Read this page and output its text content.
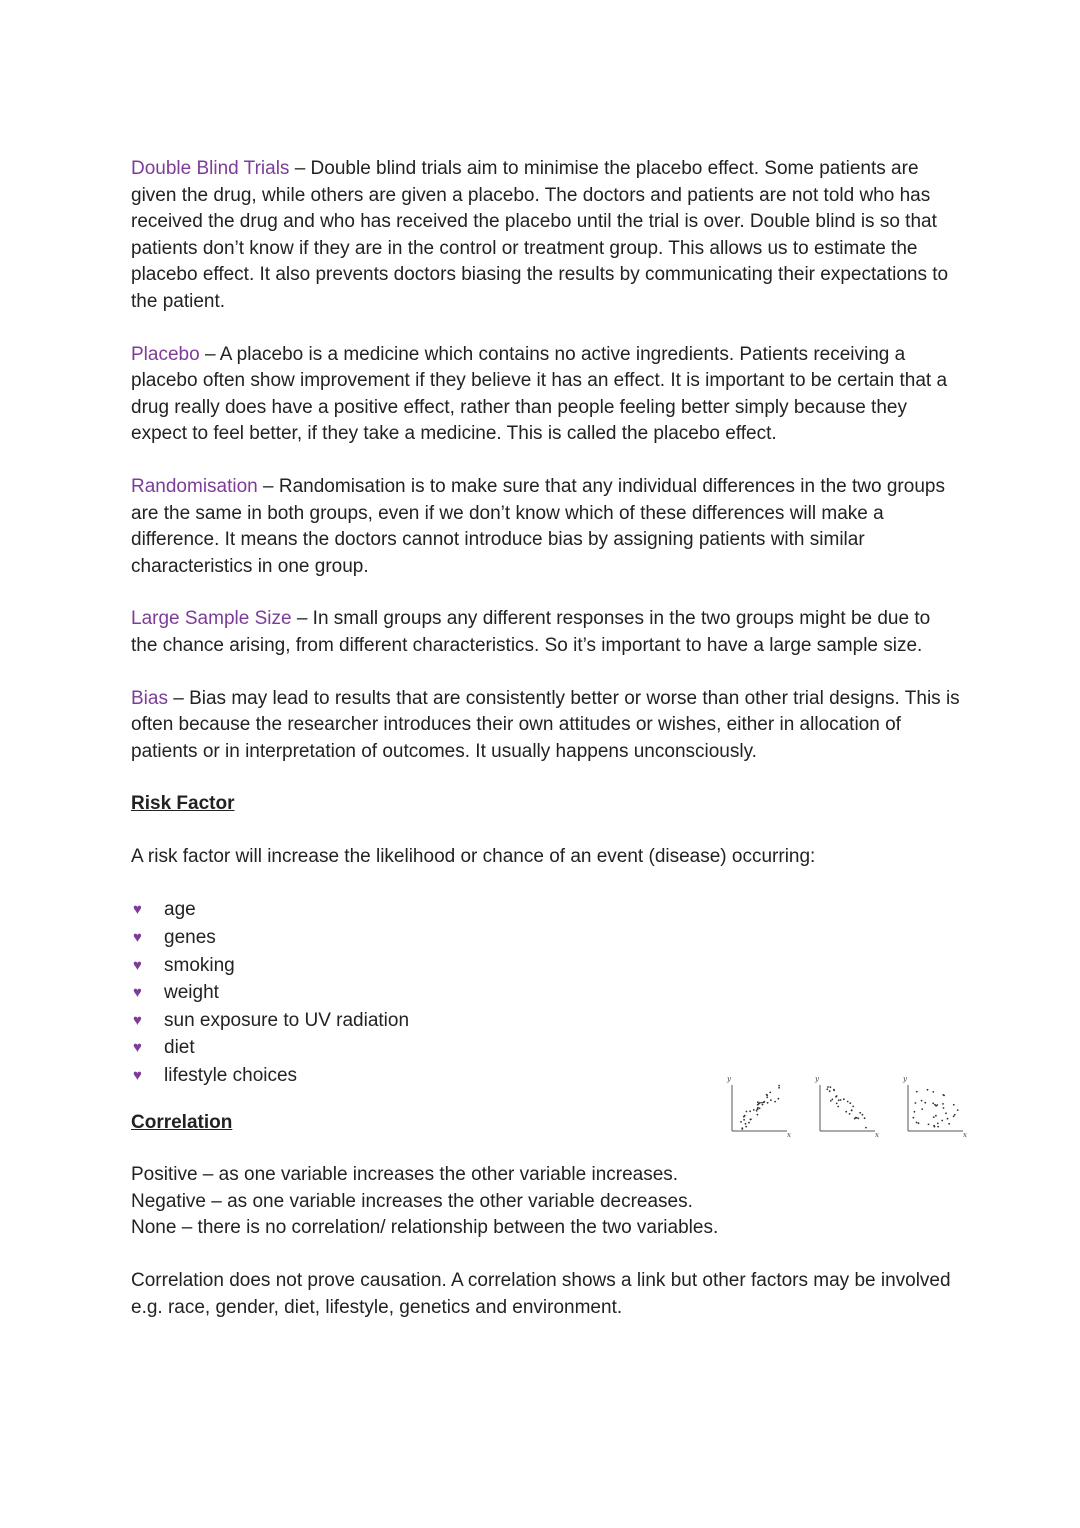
Double Blind Trials – Double blind trials aim to minimise the placebo effect. Some patients are given the drug, while others are given a placebo. The doctors and patients are not told who has received the drug and who has received the placebo until the trial is over. Double blind is so that patients don’t know if they are in the control or treatment group. This allows us to estimate the placebo effect. It also prevents doctors biasing the results by communicating their expectations to the patient.

Placebo – A placebo is a medicine which contains no active ingredients. Patients receiving a placebo often show improvement if they believe it has an effect. It is important to be certain that a drug really does have a positive effect, rather than people feeling better simply because they expect to feel better, if they take a medicine. This is called the placebo effect.

Randomisation – Randomisation is to make sure that any individual differences in the two groups are the same in both groups, even if we don’t know which of these differences will make a difference. It means the doctors cannot introduce bias by assigning patients with similar characteristics in one group.

Large Sample Size – In small groups any different responses in the two groups might be due to the chance arising, from different characteristics. So it’s important to have a large sample size.

Bias – Bias may lead to results that are consistently better or worse than other trial designs. This is often because the researcher introduces their own attitudes or wishes, either in allocation of patients or in interpretation of outcomes. It usually happens unconsciously.

Risk Factor

A risk factor will increase the likelihood or chance of an event (disease) occurring:

♥ age
♥ genes
♥ smoking
♥ weight
♥ sun exposure to UV radiation
♥ diet
♥ lifestyle choices	y
x
y
x
y
x
Correlation

Positive – as one variable increases the other variable increases.

Negative – as one variable increases the other variable decreases.

None – there is no correlation/ relationship between the two variables.

Correlation does not prove causation. A correlation shows a link but other factors may be involved e.g. race, gender, diet, lifestyle, genetics and environment.
